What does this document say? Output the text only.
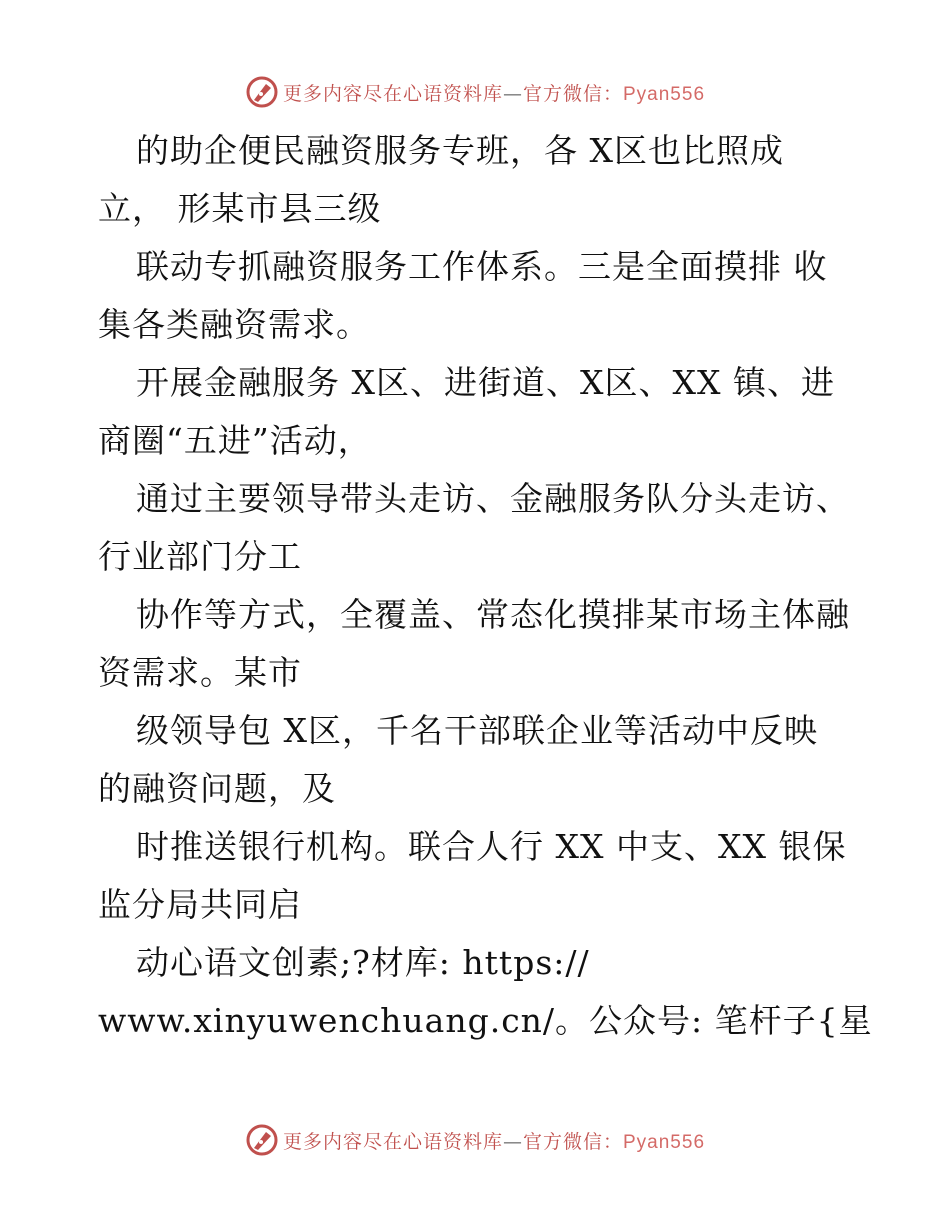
更多内容尽在心语资料库—官方微信：Pyan556
的助企便民融资服务专班，各 X区也比照成
立， 形某市县三级
联动专抓融资服务工作体系。三是全面摸排 收
集各类融资需求。
开展金融服务 X区、进街道、X区、XX 镇、进
商圈“五进”活动，
通过主要领导带头走访、金融服务队分头走访、
行业部门分工
协作等方式，全覆盖、常态化摸排某市场主体融
资需求。某市
级领导包 X区，千名干部联企业等活动中反映
的融资问题，及
时推送银行机构。联合人行 XX 中支、XX 银保
监分局共同启
动心语文创素;?材库: https://
www.xinyuwenchuang.cn/。公众号: 笔杆子{星
更多内容尽在心语资料库—官方微信：Pyan556
